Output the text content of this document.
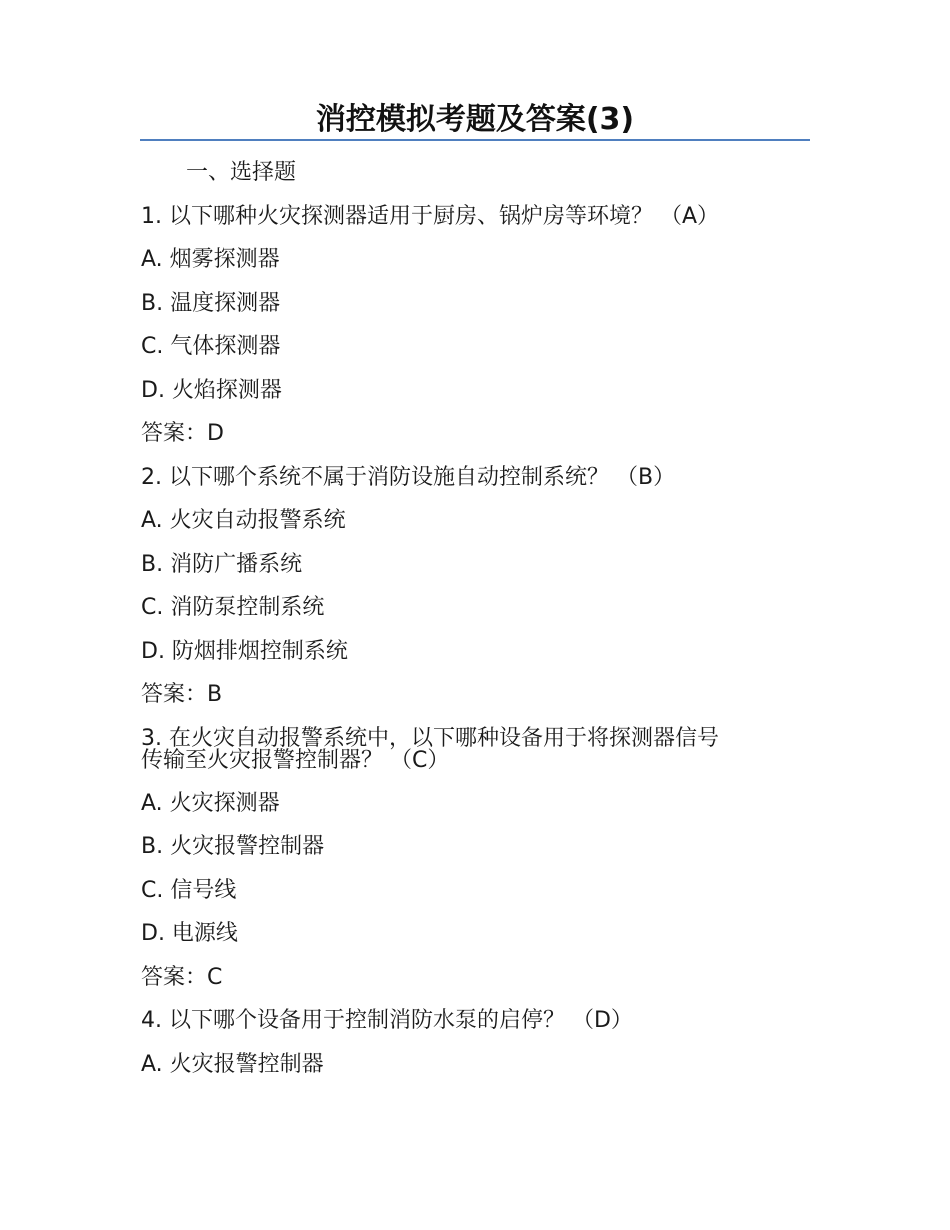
消控模拟考题及答案(3)
一、选择题
1. 以下哪种火灾探测器适用于厨房、锅炉房等环境？ （A）
A. 烟雾探测器
B. 温度探测器
C. 气体探测器
D. 火焰探测器
答案：D
2. 以下哪个系统不属于消防设施自动控制系统？ （B）
A. 火灾自动报警系统
B. 消防广播系统
C. 消防泵控制系统
D. 防烟排烟控制系统
答案：B
3. 在火灾自动报警系统中，以下哪种设备用于将探测器信号
传输至火灾报警控制器？ （C）
A. 火灾探测器
B. 火灾报警控制器
C. 信号线
D. 电源线
答案：C
4. 以下哪个设备用于控制消防水泵的启停？ （D）
A. 火灾报警控制器
